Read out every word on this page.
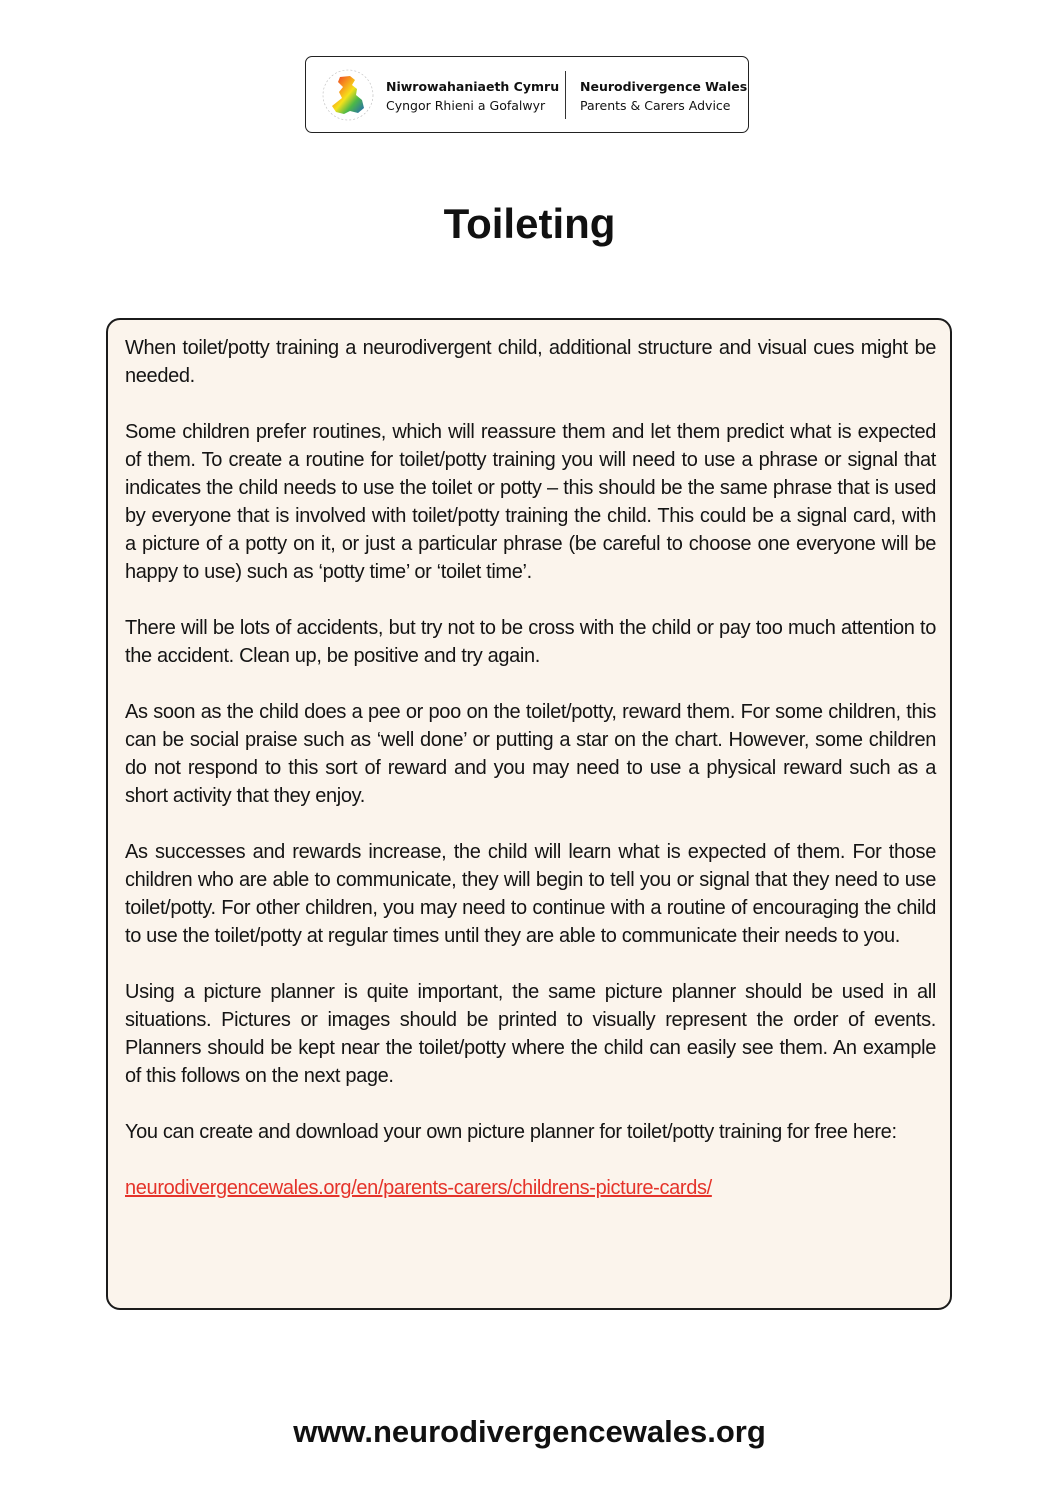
Niwrowahaniaeth Cymru
Cyngor Rhieni a Gofalwyr
Neurodivergence Wales
Parents & Carers Advice
Toileting

When toilet/potty training a neurodivergent child, additional structure and visual cues might be needed.

Some children prefer routines, which will reassure them and let them predict what is expected of them. To create a routine for toilet/potty training you will need to use a phrase or signal that indicates the child needs to use the toilet or potty – this should be the same phrase that is used by everyone that is involved with toilet/potty training the child. This could be a signal card, with a picture of a potty on it, or just a particular phrase (be careful to choose one everyone will be happy to use) such as ‘potty time’ or ‘toilet time’.

There will be lots of accidents, but try not to be cross with the child or pay too much attention to the accident. Clean up, be positive and try again.

As soon as the child does a pee or poo on the toilet/potty, reward them. For some children, this can be social praise such as ‘well done’ or putting a star on the chart. However, some children do not respond to this sort of reward and you may need to use a physical reward such as a short activity that they enjoy.

As successes and rewards increase, the child will learn what is expected of them. For those children who are able to communicate, they will begin to tell you or signal that they need to use toilet/potty. For other children, you may need to continue with a routine of encouraging the child to use the toilet/potty at regular times until they are able to communicate their needs to you.

Using a picture planner is quite important, the same picture planner should be used in all situations. Pictures or images should be printed to visually represent the order of events. Planners should be kept near the toilet/potty where the child can easily see them. An example of this follows on the next page.

You can create and download your own picture planner for toilet/potty training for free here:

neurodivergencewales.org/en/parents-carers/childrens-picture-cards/

www.neurodivergencewales.org
